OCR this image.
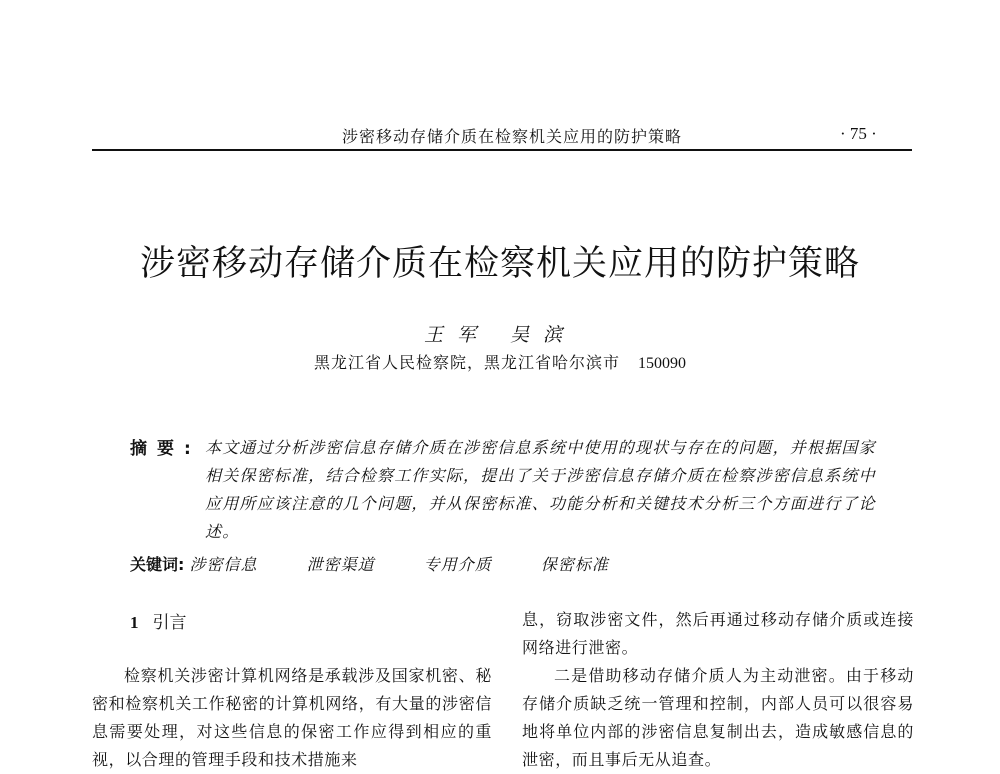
涉密移动存储介质在检察机关应用的防护策略	· 75 ·
涉密移动存储介质在检察机关应用的防护策略
王军 吴滨
黑龙江省人民检察院，黑龙江省哈尔滨市 150090
摘要: 本文通过分析涉密信息存储介质在涉密信息系统中使用的现状与存在的问题，并根据国家相关保密标准，结合检察工作实际，提出了关于涉密信息存储介质在检察涉密信息系统中应用所应该注意的几个问题，并从保密标准、功能分析和关键技术分析三个方面进行了论述。
关键词: 涉密信息	泄密渠道	专用介质	保密标准
1 引言

检察机关涉密计算机网络是承载涉及国家机密、秘密和检察机关工作秘密的计算机网络，有大量的涉密信息需要处理，对这些信息的保密工作应得到相应的重视，以合理的管理手段和技术措施来

息，窃取涉密文件，然后再通过移动存储介质或连接网络进行泄密。

二是借助移动存储介质人为主动泄密。由于移动存储介质缺乏统一管理和控制，内部人员可以很容易地将单位内部的涉密信息复制出去，造成敏感信息的泄密，而且事后无从追查。
